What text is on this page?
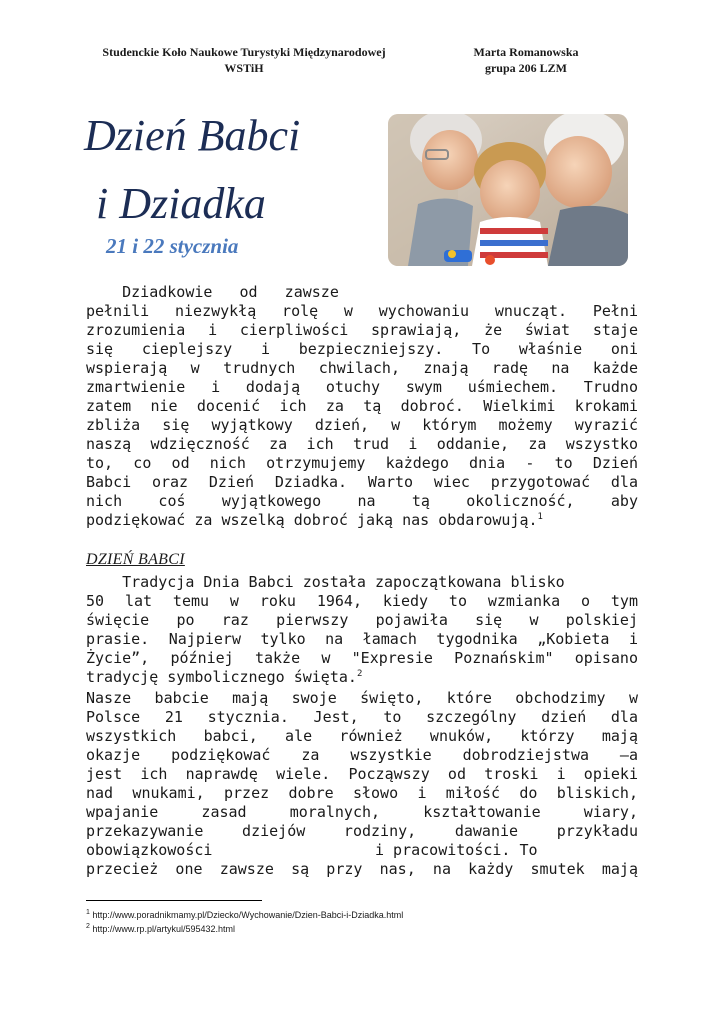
Studenckie Koło Naukowe Turystyki Międzynarodowej
WSTiH
Marta Romanowska
grupa 206 LZM
Dzień Babci
i Dziadka
21 i 22 stycznia
Dziadkowie   od   zawsze
pełnili niezwykłą rolę w wychowaniu wnucząt. Pełni
zrozumienia i cierpliwości sprawiają, że świat staje
się cieplejszy i bezpieczniejszy. To właśnie oni
wspierają w trudnych chwilach, znają radę na każde
zmartwienie i dodają otuchy swym uśmiechem. Trudno
zatem nie docenić ich za tą dobroć. Wielkimi krokami
zbliża się wyjątkowy dzień, w którym możemy wyrazić
naszą wdzięczność za ich trud i oddanie, za wszystko
to, co od nich otrzymujemy każdego dnia - to Dzień
Babci oraz Dzień Dziadka. Warto wiec przygotować dla
nich coś wyjątkowego na tą okoliczność, aby
podziękować za wszelką dobroć jaką nas obdarowują.$^1$
DZIEŃ BABCI
Tradycja Dnia Babci została zapoczątkowana blisko
50 lat temu w roku 1964, kiedy to wzmianka o tym
święcie po raz pierwszy pojawiła się w polskiej
prasie. Najpierw tylko na łamach tygodnika „Kobieta i
Życie”, później także w "Expresie Poznańskim" opisano
tradycję symbolicznego święta.$^2$
Nasze babcie mają swoje święto, które obchodzimy w
Polsce 21 stycznia. Jest, to szczególny dzień dla
wszystkich babci, ale również wnuków, którzy mają
okazje podziękować za wszystkie dobrodziejstwa –a
jest ich naprawdę wiele. Począwszy od troski i opieki
nad wnukami, przez dobre słowo i miłość do bliskich,
wpajanie zasad moralnych, kształtowanie wiary,
przekazywanie dziejów rodziny, dawanie przykładu
obowiązkowości                  i pracowitości. To
przecież one zawsze są przy nas, na każdy smutek mają
$^1$ http://www.poradnikmamy.pl/Dziecko/Wychowanie/Dzien-Babci-i-Dziadka.html
$^2$ http://www.rp.pl/artykul/595432.html
